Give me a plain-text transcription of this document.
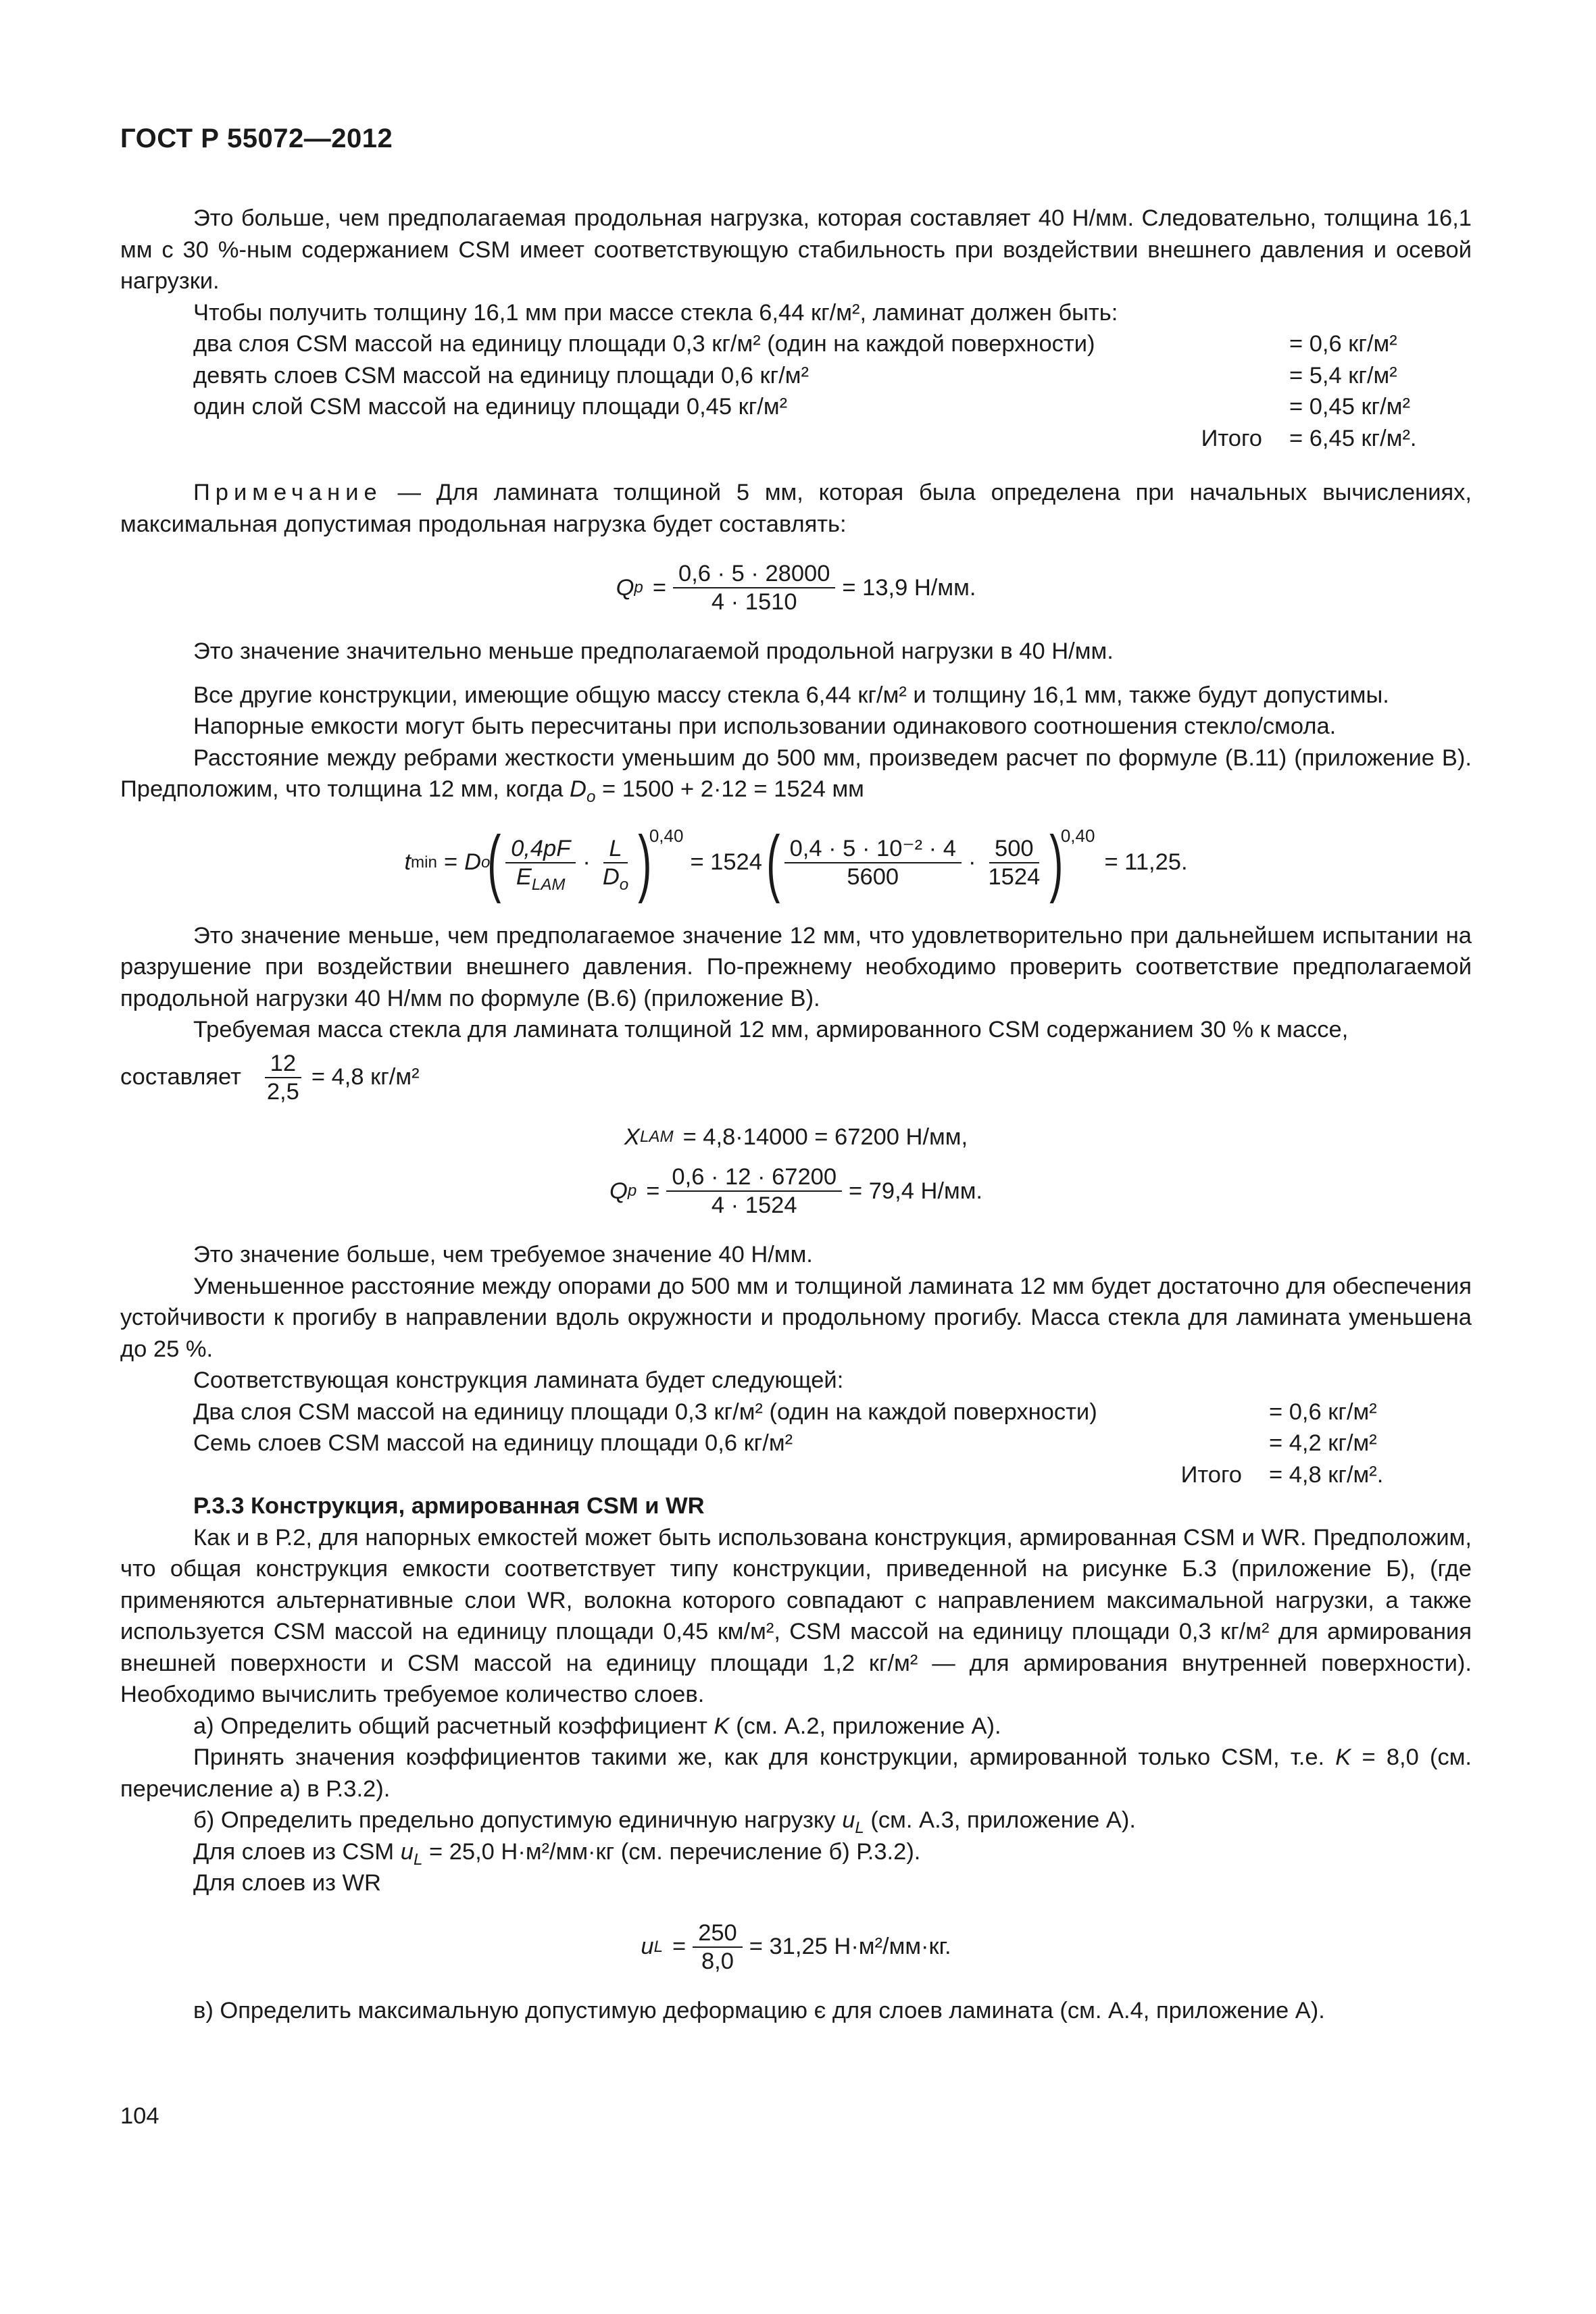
ГОСТ Р 55072—2012

Это больше, чем предполагаемая продольная нагрузка, которая составляет 40 Н/мм. Следовательно, толщина 16,1 мм с 30 %-ным содержанием CSM имеет соответствующую стабильность при воздействии внешнего давления и осевой нагрузки.

Чтобы получить толщину 16,1 мм при массе стекла 6,44 кг/м², ламинат должен быть:

два слоя CSM массой на единицу площади 0,3 кг/м² (один на каждой поверхности)	= 0,6 кг/м²
девять слоев CSM массой на единицу площади 0,6 кг/м²	= 5,4 кг/м²
один слой CSM массой на единицу площади 0,45 кг/м²	= 0,45 кг/м²
Итого	= 6,45 кг/м².

Примечание — Для ламината толщиной 5 мм, которая была определена при начальных вычислениях, максимальная допустимая продольная нагрузка будет составлять:

Q $p = \frac{0,6 \cdot 5 \cdot 28000}{4 \cdot 1510} = 13,9$ Н/мм.

Это значение значительно меньше предполагаемой продольной нагрузки в 40 Н/мм.

Все другие конструкции, имеющие общую массу стекла 6,44 кг/м² и толщину 16,1 мм, также будут допустимы.

Напорные емкости могут быть пересчитаны при использовании одинакового соотношения стекло/смола.

Расстояние между ребрами жесткости уменьшим до 500 мм, произведем расчет по формуле (В.11) (приложение В). Предположим, что толщина 12 мм, когда $D_o = 1500 + 2\cdot 12 = 1524$ мм

t min = D o
( $\frac{0,4pF}{E_{LAM}} \cdot \frac{L}{D_o}$ )
0,40
= 1524 ( $\frac{\text{0,4 · 5 · 10⁻² · 4}}{5600} \cdot \frac{500}{1524}$ )
0,40
= 11,25.

Это значение меньше, чем предполагаемое значение 12 мм, что удовлетворительно при дальнейшем испытании на разрушение при воздействии внешнего давления. По-прежнему необходимо проверить соответствие предполагаемой продольной нагрузки 40 Н/мм по формуле (В.6) (приложение В).

Требуемая масса стекла для ламината толщиной 12 мм, армированного CSM содержанием 30 % к массе,

составляет $\frac{12}{2,5} = 4,8$ кг/м²
X LAM = 4,8·14000 = 67200 Н/мм,
Q $p = \frac{0,6 \cdot 12 \cdot 67200}{4 \cdot 1524} = 79,4$ Н/мм.

Это значение больше, чем требуемое значение 40 Н/мм.

Уменьшенное расстояние между опорами до 500 мм и толщиной ламината 12 мм будет достаточно для обеспечения устойчивости к прогибу в направлении вдоль окружности и продольному прогибу. Масса стекла для ламината уменьшена до 25 %.

Соответствующая конструкция ламината будет следующей:

Два слоя CSM массой на единицу площади 0,3 кг/м² (один на каждой поверхности)	= 0,6 кг/м²
Семь слоев CSM массой на единицу площади 0,6 кг/м²	= 4,2 кг/м²
Итого	= 4,8 кг/м².

Р.3.3 Конструкция, армированная CSM и WR

Как и в Р.2, для напорных емкостей может быть использована конструкция, армированная CSM и WR. Предположим, что общая конструкция емкости соответствует типу конструкции, приведенной на рисунке Б.3 (приложение Б), (где применяются альтернативные слои WR, волокна которого совпадают с направлением максимальной нагрузки, а также используется CSM массой на единицу площади 0,45 км/м², CSM массой на единицу площади 0,3 кг/м² для армирования внешней поверхности и CSM массой на единицу площади 1,2 кг/м² — для армирования внутренней поверхности). Необходимо вычислить требуемое количество слоев.

а) Определить общий расчетный коэффициент K (см. А.2, приложение А).

Принять значения коэффициентов такими же, как для конструкции, армированной только CSM, т.е. K = 8,0 (см. перечисление а) в Р.3.2).

б) Определить предельно допустимую единичную нагрузку $u_L$ (см. А.3, приложение А).

Для слоев из CSM $u_L = 25,0$ Н·м²/мм·кг (см. перечисление б) Р.3.2).

Для слоев из WR

u $L = \frac{250}{8,0} = 31,25$ Н·м²/мм·кг.

в) Определить максимальную допустимую деформацию є для слоев ламината (см. А.4, приложение А).

104
